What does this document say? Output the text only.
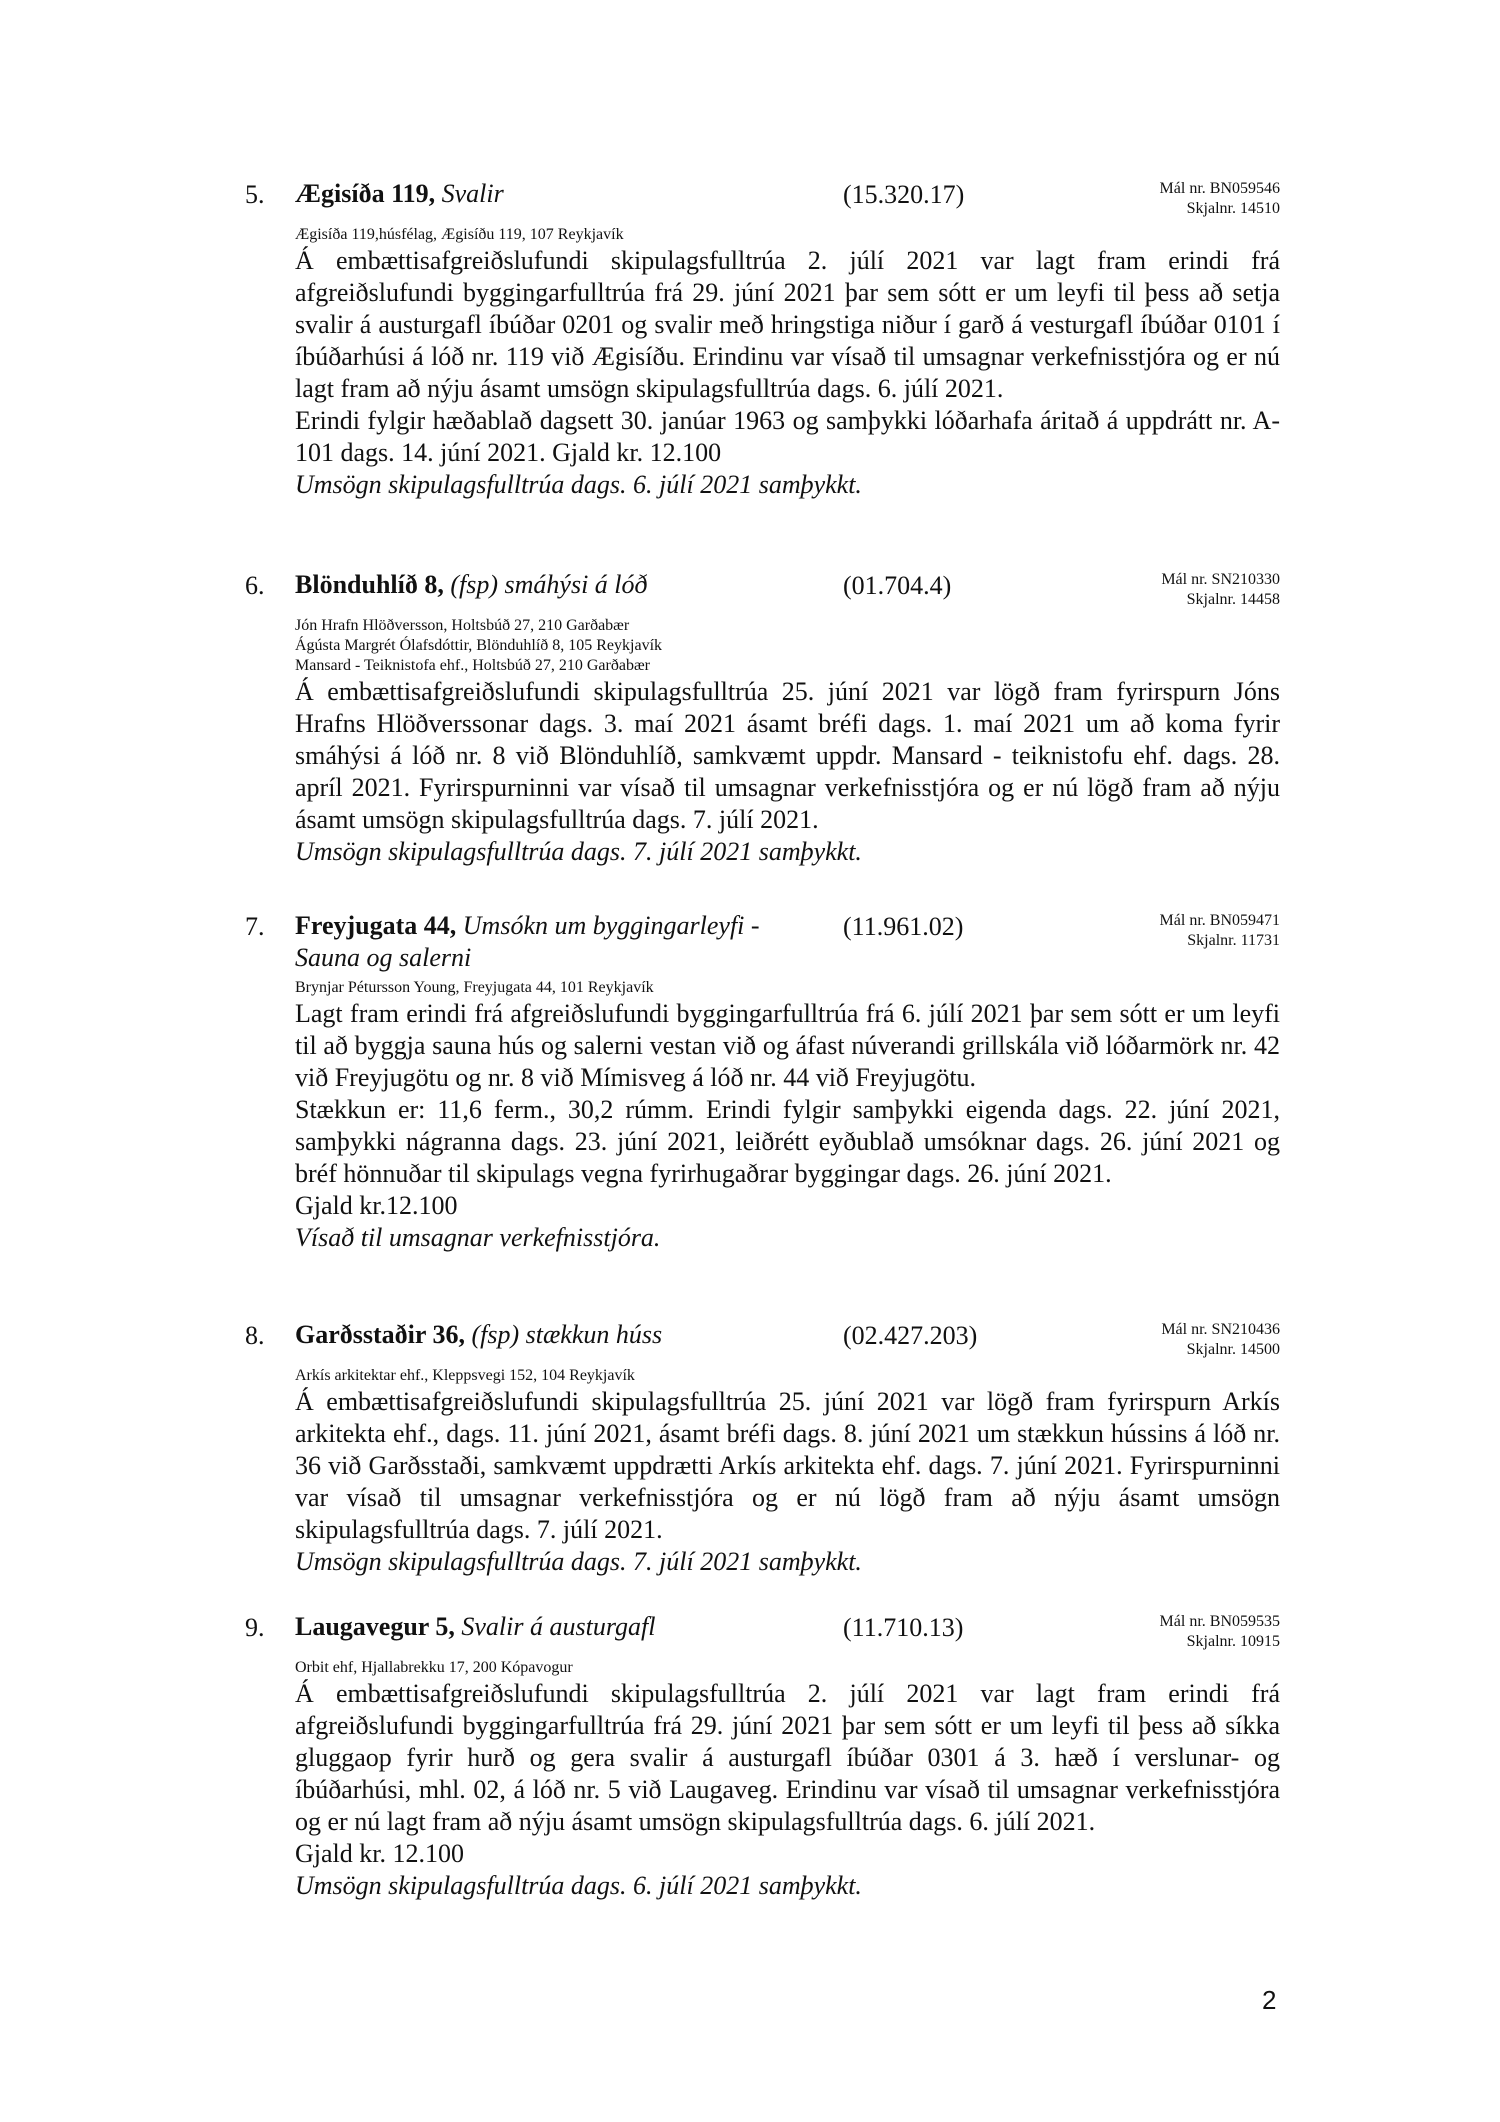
5.	Ægisíða 119, Svalir	(15.320.17)	Mál nr. BN059546
Skjalnr. 14510
Ægisíða 119,húsfélag, Ægisíðu 119, 107 Reykjavík

Á embættisafgreiðslufundi skipulagsfulltrúa 2. júlí 2021 var lagt fram erindi frá afgreiðslufundi byggingarfulltrúa frá 29. júní 2021 þar sem sótt er um leyfi til þess að setja svalir á austurgafl íbúðar 0201 og svalir með hringstiga niður í garð á vesturgafl íbúðar 0101 í íbúðarhúsi á lóð nr. 119 við Ægisíðu. Erindinu var vísað til umsagnar verkefnisstjóra og er nú lagt fram að nýju ásamt umsögn skipulagsfulltrúa dags. 6. júlí 2021.

Erindi fylgir hæðablað dagsett 30. janúar 1963 og samþykki lóðarhafa áritað á uppdrátt nr. A-101 dags. 14. júní 2021. Gjald kr. 12.100

Umsögn skipulagsfulltrúa dags. 6. júlí 2021 samþykkt.

6.	Blönduhlíð 8, (fsp) smáhýsi á lóð	(01.704.4)	Mál nr. SN210330
Skjalnr. 14458
Jón Hrafn Hlöðversson, Holtsbúð 27, 210 Garðabær
Ágústa Margrét Ólafsdóttir, Blönduhlíð 8, 105 Reykjavík
Mansard - Teiknistofa ehf., Holtsbúð 27, 210 Garðabær

Á embættisafgreiðslufundi skipulagsfulltrúa 25. júní 2021 var lögð fram fyrirspurn Jóns Hrafns Hlöðverssonar dags. 3. maí 2021 ásamt bréfi dags. 1. maí 2021 um að koma fyrir smáhýsi á lóð nr. 8 við Blönduhlíð, samkvæmt uppdr. Mansard - teiknistofu ehf. dags. 28. apríl 2021. Fyrirspurninni var vísað til umsagnar verkefnisstjóra og er nú lögð fram að nýju ásamt umsögn skipulagsfulltrúa dags. 7. júlí 2021.

Umsögn skipulagsfulltrúa dags. 7. júlí 2021 samþykkt.

7.	Freyjugata 44, Umsókn um byggingarleyfi - Sauna og salerni
(11.961.02)	Mál nr. BN059471
Skjalnr. 11731
Brynjar Pétursson Young, Freyjugata 44, 101 Reykjavík

Lagt fram erindi frá afgreiðslufundi byggingarfulltrúa frá 6. júlí 2021 þar sem sótt er um leyfi til að byggja sauna hús og salerni vestan við og áfast núverandi grillskála við lóðarmörk nr. 42 við Freyjugötu og nr. 8 við Mímisveg á lóð nr. 44 við Freyjugötu.

Stækkun er: 11,6 ferm., 30,2 rúmm. Erindi fylgir samþykki eigenda dags. 22. júní 2021, samþykki nágranna dags. 23. júní 2021, leiðrétt eyðublað umsóknar dags. 26. júní 2021 og bréf hönnuðar til skipulags vegna fyrirhugaðrar byggingar dags. 26. júní 2021.

Gjald kr.12.100

Vísað til umsagnar verkefnisstjóra.

8.	Garðsstaðir 36, (fsp) stækkun húss	(02.427.203)	Mál nr. SN210436
Skjalnr. 14500
Arkís arkitektar ehf., Kleppsvegi 152, 104 Reykjavík

Á embættisafgreiðslufundi skipulagsfulltrúa 25. júní 2021 var lögð fram fyrirspurn Arkís arkitekta ehf., dags. 11. júní 2021, ásamt bréfi dags. 8. júní 2021 um stækkun hússins á lóð nr. 36 við Garðsstaði, samkvæmt uppdrætti Arkís arkitekta ehf. dags. 7. júní 2021. Fyrirspurninni var vísað til umsagnar verkefnisstjóra og er nú lögð fram að nýju ásamt umsögn skipulagsfulltrúa dags. 7. júlí 2021.

Umsögn skipulagsfulltrúa dags. 7. júlí 2021 samþykkt.

9.	Laugavegur 5, Svalir á austurgafl	(11.710.13)	Mál nr. BN059535
Skjalnr. 10915
Orbit ehf, Hjallabrekku 17, 200 Kópavogur

Á embættisafgreiðslufundi skipulagsfulltrúa 2. júlí 2021 var lagt fram erindi frá afgreiðslufundi byggingarfulltrúa frá 29. júní 2021 þar sem sótt er um leyfi til þess að síkka gluggaop fyrir hurð og gera svalir á austurgafl íbúðar 0301 á 3. hæð í verslunar- og íbúðarhúsi, mhl. 02, á lóð nr. 5 við Laugaveg. Erindinu var vísað til umsagnar verkefnisstjóra og er nú lagt fram að nýju ásamt umsögn skipulagsfulltrúa dags. 6. júlí 2021.

Gjald kr. 12.100

Umsögn skipulagsfulltrúa dags. 6. júlí 2021 samþykkt.

2
